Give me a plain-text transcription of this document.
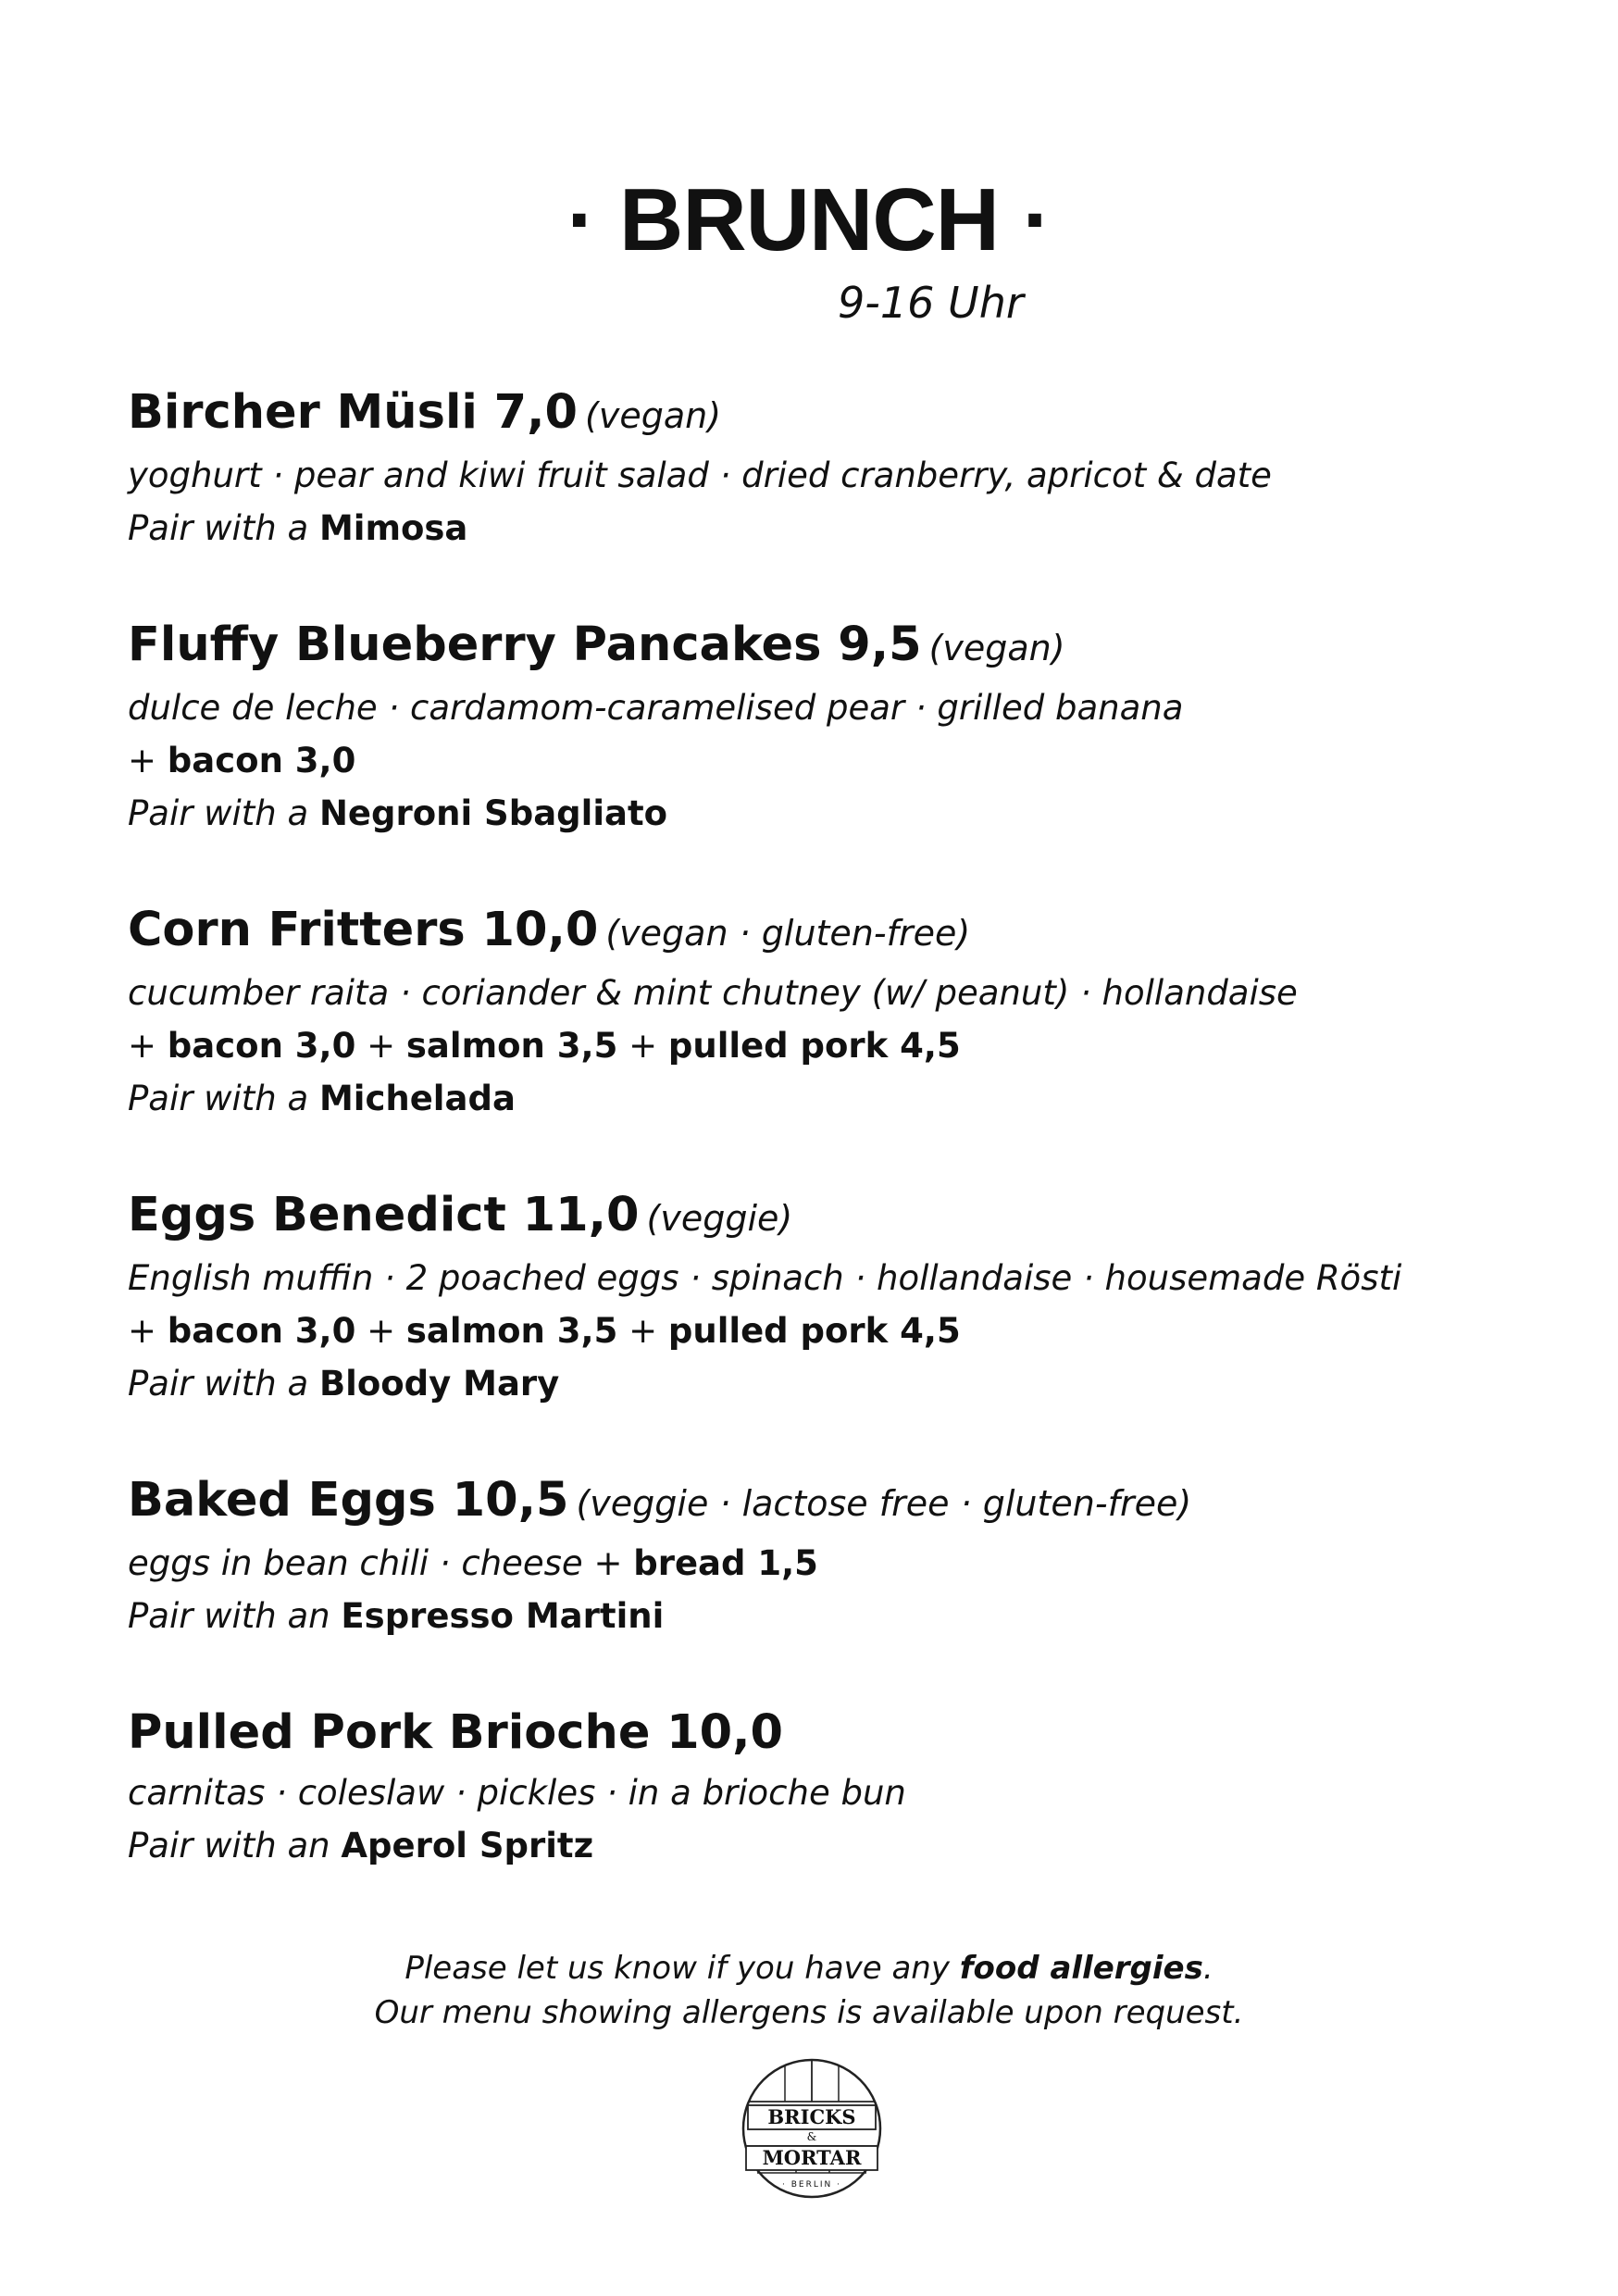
· BRUNCH ·
9-16 Uhr

Bircher Müsli 7,0 (vegan)

yoghurt · pear and kiwi fruit salad · dried cranberry, apricot & date

Pair with a Mimosa

Fluffy Blueberry Pancakes 9,5 (vegan)

dulce de leche · cardamom-caramelised pear · grilled banana

+ bacon 3,0

Pair with a Negroni Sbagliato

Corn Fritters 10,0 (vegan · gluten-free)

cucumber raita · coriander & mint chutney (w/ peanut) · hollandaise

+ bacon 3,0 + salmon 3,5 + pulled pork 4,5

Pair with a Michelada

Eggs Benedict 11,0 (veggie)

English muffin · 2 poached eggs · spinach · hollandaise · housemade Rösti

+ bacon 3,0 + salmon 3,5 + pulled pork 4,5

Pair with a Bloody Mary

Baked Eggs 10,5 (veggie · lactose free · gluten-free)

eggs in bean chili · cheese + bread 1,5

Pair with an Espresso Martini

Pulled Pork Brioche 10,0

carnitas · coleslaw · pickles · in a brioche bun

Pair with an Aperol Spritz

Please let us know if you have any food allergies.
Our menu showing allergens is available upon request.
BRICKS
&
MORTAR
· BERLIN ·
